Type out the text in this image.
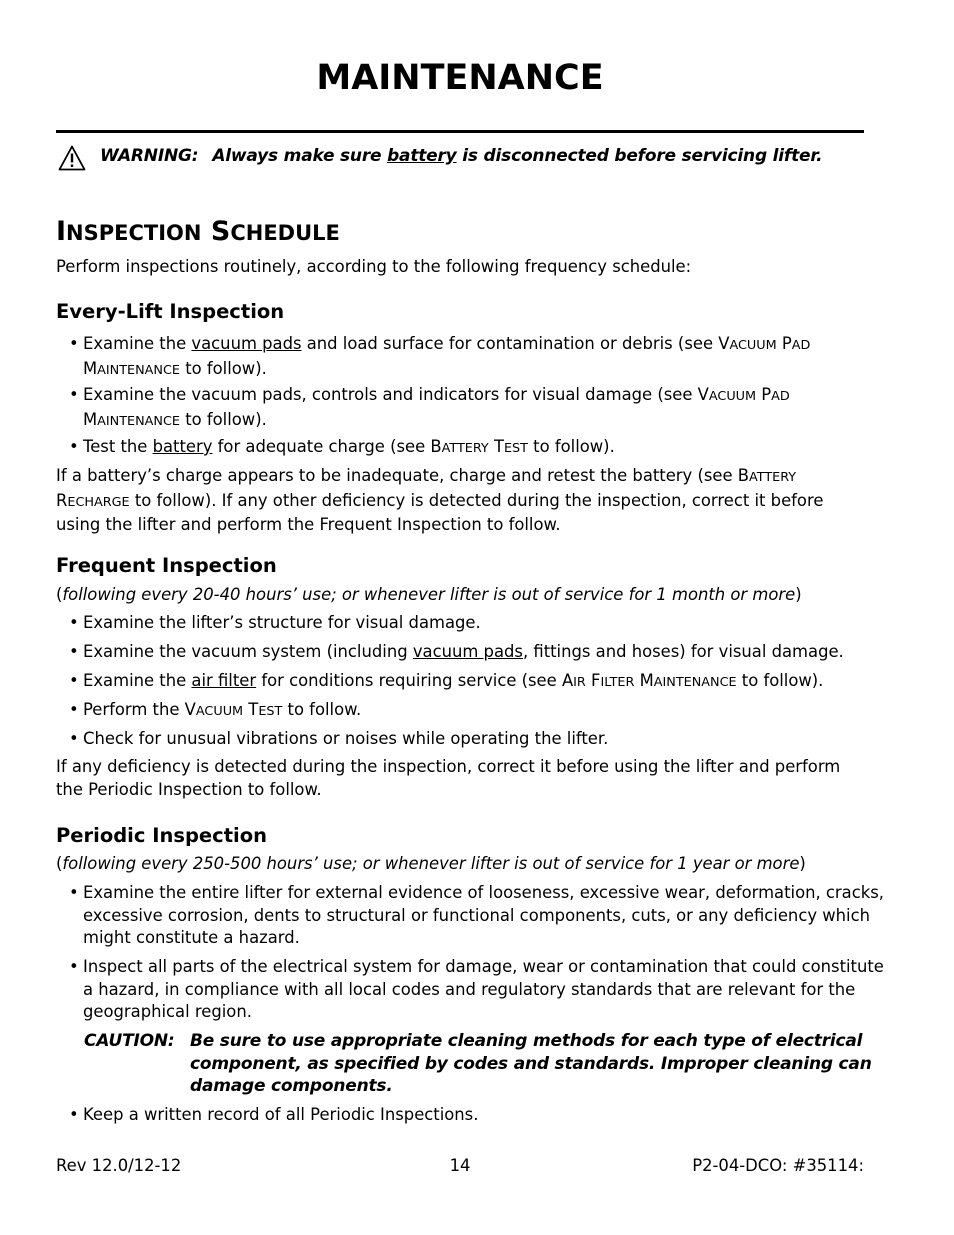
MAINTENANCE
WARNING: Always make sure battery is disconnected before servicing lifter.
INSPECTION SCHEDULE
Perform inspections routinely, according to the following frequency schedule:
Every-Lift Inspection
• Examine the vacuum pads and load surface for contamination or debris (see VACUUM PAD MAINTENANCE to follow).
• Examine the vacuum pads, controls and indicators for visual damage (see VACUUM PAD MAINTENANCE to follow).
• Test the battery for adequate charge (see BATTERY TEST to follow).
If a battery’s charge appears to be inadequate, charge and retest the battery (see BATTERY RECHARGE to follow). If any other deficiency is detected during the inspection, correct it before using the lifter and perform the Frequent Inspection to follow.
Frequent Inspection
(following every 20-40 hours’ use; or whenever lifter is out of service for 1 month or more)
• Examine the lifter’s structure for visual damage.
• Examine the vacuum system (including vacuum pads, fittings and hoses) for visual damage.
• Examine the air filter for conditions requiring service (see AIR FILTER MAINTENANCE to follow).
• Perform the VACUUM TEST to follow.
• Check for unusual vibrations or noises while operating the lifter.
If any deficiency is detected during the inspection, correct it before using the lifter and perform the Periodic Inspection to follow.
Periodic Inspection
(following every 250-500 hours’ use; or whenever lifter is out of service for 1 year or more)
• Examine the entire lifter for external evidence of looseness, excessive wear, deformation, cracks, excessive corrosion, dents to structural or functional components, cuts, or any deficiency which might constitute a hazard.
• Inspect all parts of the electrical system for damage, wear or contamination that could constitute a hazard, in compliance with all local codes and regulatory standards that are relevant for the geographical region.
CAUTION: Be sure to use appropriate cleaning methods for each type of electrical component, as specified by codes and standards. Improper cleaning can damage components.
• Keep a written record of all Periodic Inspections.
Rev 12.0/12-12	14	P2-04-DCO: #35114:
